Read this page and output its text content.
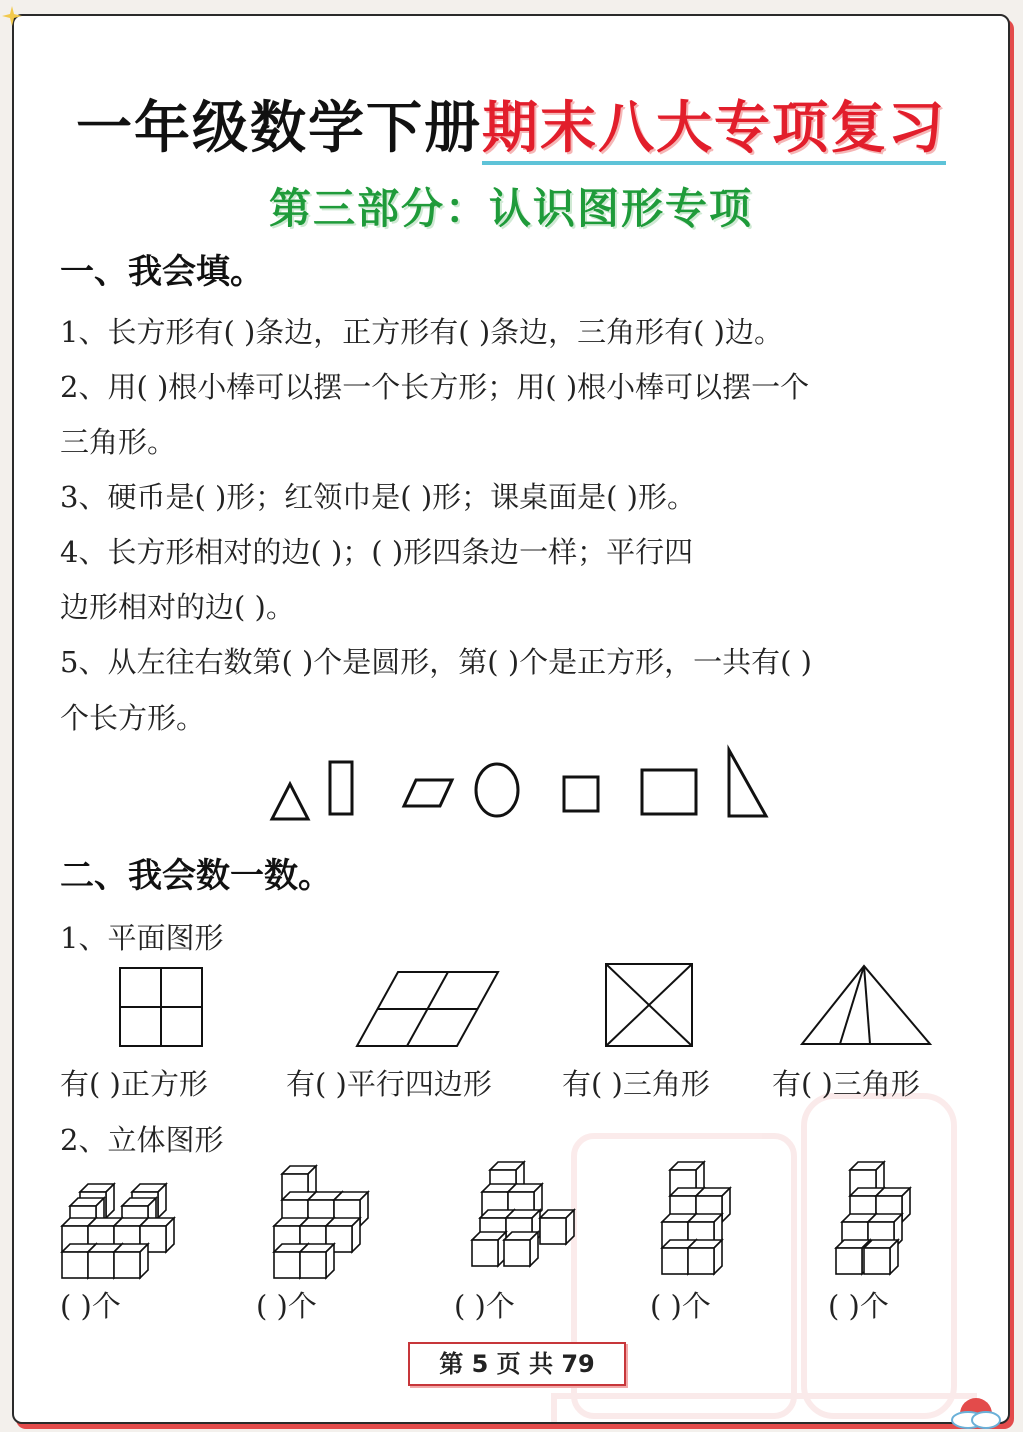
一年级数学下册期末八大专项复习
第三部分：认识图形专项
一、我会填。
1、长方形有( )条边，正方形有( )条边，三角形有( )边。
2、用( )根小棒可以摆一个长方形；用( )根小棒可以摆一个
三角形。
3、硬币是( )形；红领巾是( )形；课桌面是( )形。
4、长方形相对的边( )；( )形四条边一样；平行四
边形相对的边( )。
5、从左往右数第( )个是圆形，第( )个是正方形，一共有( )
个长方形。
二、我会数一数。
1、平面图形
有( )正方形	有( )平行四边形 有( )三角形 有( )三角形
2、立体图形
( )个	( )个	( )个	( )个	( )个
第 5 页 共 79
